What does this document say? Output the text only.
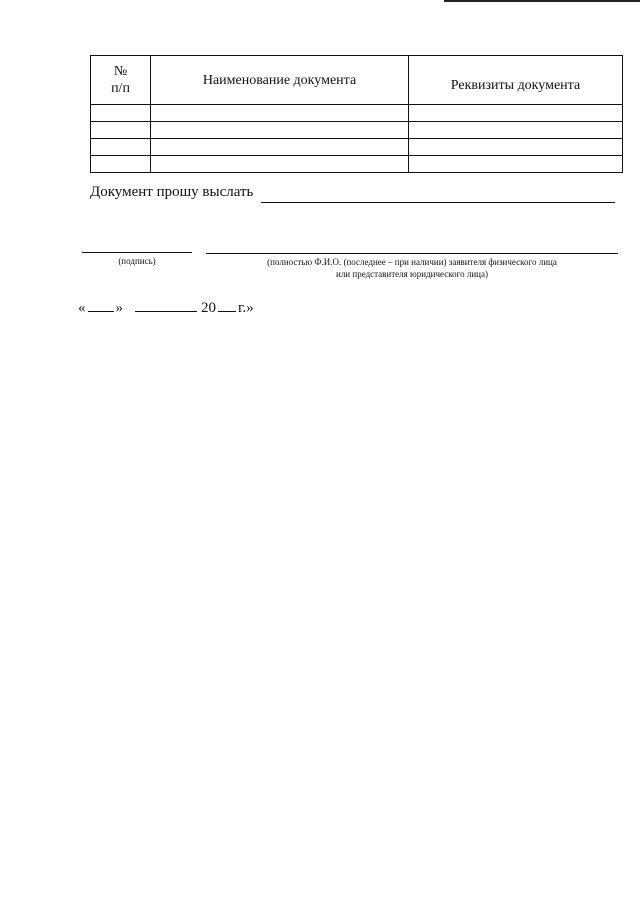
№
п/п	Наименование документа	Реквизиты документа

Документ прошу выслать
(подпись)	(полностью Ф.И.О. (последнее – при наличии) заявителя физического лица
или представителя юридического лица)
« »	20 г.»
